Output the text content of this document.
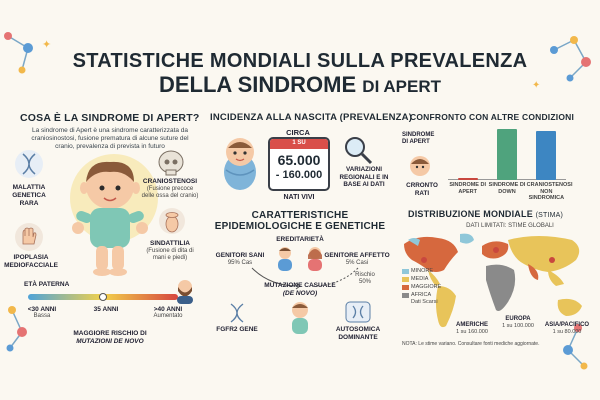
✦
✦
STATISTICHE MONDIALI SULLA PREVALENZA
DELLA SINDROME DI APERT
COSA È LA SINDROME DI APERT?
La sindrome di Apert è una sindrome caratterizzata da craniosinostosi, fusione prematura di alcune suture del cranio, prevalenza di prevista in futuro
MALATTIA GENETICA RARA
CRANIOSTENOSI
(Fusione precoce delle ossa del cranio)
IPOPLASIA MEDIOFACCIALE
SINDATTILIA
(Fusione di dita di mani e piedi)
ETÀ PATERNA
<30 ANNI
Bassa
35 ANNI	>40 ANNI
Aumentato
MAGGIORE RISCHIO DI
MUTAZIONI DE NOVO
INCIDENZA ALLA NASCITA (PREVALENZA)
CIRCA
1 SU
65.000
- 160.000
NATI VIVI
VARIAZIONI REGIONALI E IN BASE AI DATI
CARATTERISTICHE
EPIDEMIOLOGICHE E GENETICHE
EREDITARIETÀ
GENITORI SANI
95% Cas
GENITORE AFFETTO
5% Casi
Rischio 50%
MUTAZIONE CASUALE
(DE NOVO)
FGFR2 GENE	AUTOSOMICA DOMINANTE
CONFRONTO CON ALTRE CONDIZIONI
SINDROME DI APERT
CRRONTO RATI
SINDROME DI APERT
SINDROME DI DOWN
CRANIOSTENOSI NON SINDROMICA
DISTRIBUZIONE MONDIALE (STIMA)
DATI LIMITATI: STIME GLOBALI
MINORE
MEDIA
MAGGIORE
AFRICA
Dati Scarsi
EUROPA
1 su 100.000
AMERICHE
1 su 160.000
ASIA/PACIFICO
1 su 80.000
NOTA: Le stime variano. Consultare fonti mediche aggiornate.
